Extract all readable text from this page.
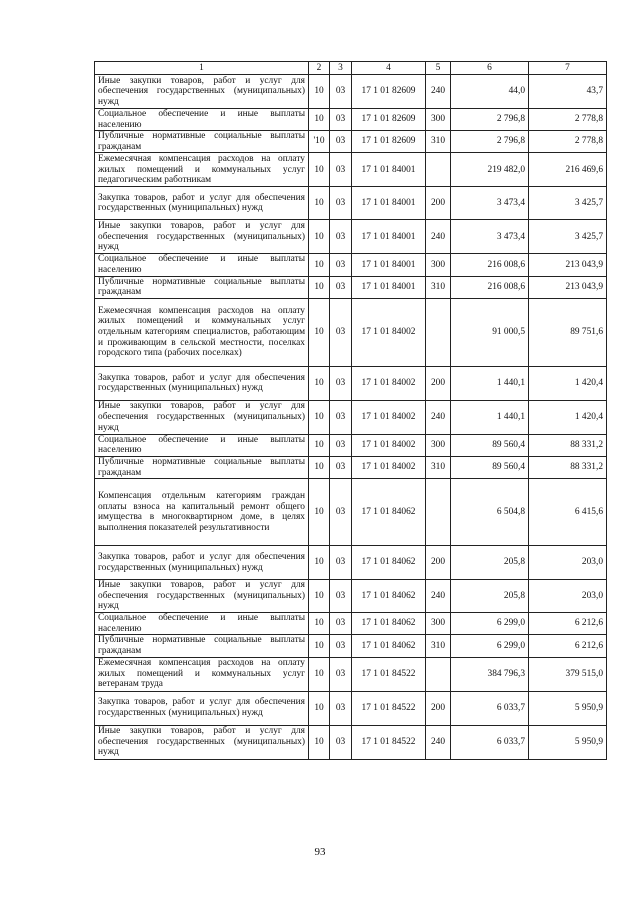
1	2	3	4	5	6	7
Иные закупки товаров, работ и услуг для обеспечения государственных (муниципальных) нужд	10	03	17 1 01 82609	240	44,0	43,7
Социальное обеспечение и иные выплаты населению	10	03	17 1 01 82609	300	2 796,8	2 778,8
Публичные нормативные социальные выплаты гражданам	'10	03	17 1 01 82609	310	2 796,8	2 778,8
Ежемесячная компенсация расходов на оплату жилых помещений и коммунальных услуг педагогическим работникам	10	03	17 1 01 84001		219 482,0	216 469,6
Закупка товаров, работ и услуг для обеспечения государственных (муниципальных) нужд	10	03	17 1 01 84001	200	3 473,4	3 425,7
Иные закупки товаров, работ и услуг для обеспечения государственных (муниципальных) нужд	10	03	17 1 01 84001	240	3 473,4	3 425,7
Социальное обеспечение и иные выплаты населению	10	03	17 1 01 84001	300	216 008,6	213 043,9
Публичные нормативные социальные выплаты гражданам	10	03	17 1 01 84001	310	216 008,6	213 043,9
Ежемесячная компенсация расходов на оплату жилых помещений и коммунальных услуг отдельным категориям специалистов, работающим и проживающим в сельской местности, поселках городского типа (рабочих поселках)	10	03	17 1 01 84002		91 000,5	89 751,6
Закупка товаров, работ и услуг для обеспечения государственных (муниципальных) нужд	10	03	17 1 01 84002	200	1 440,1	1 420,4
Иные закупки товаров, работ и услуг для обеспечения государственных (муниципальных) нужд	10	03	17 1 01 84002	240	1 440,1	1 420,4
Социальное обеспечение и иные выплаты населению	10	03	17 1 01 84002	300	89 560,4	88 331,2
Публичные нормативные социальные выплаты гражданам	10	03	17 1 01 84002	310	89 560,4	88 331,2
Компенсация отдельным категориям граждан оплаты взноса на капитальный ремонт общего имущества в многоквартирном доме, в целях выполнения показателей результативности	10	03	17 1 01 84062		6 504,8	6 415,6
Закупка товаров, работ и услуг для обеспечения государственных (муниципальных) нужд	10	03	17 1 01 84062	200	205,8	203,0
Иные закупки товаров, работ и услуг для обеспечения государственных (муниципальных) нужд	10	03	17 1 01 84062	240	205,8	203,0
Социальное обеспечение и иные выплаты населению	10	03	17 1 01 84062	300	6 299,0	6 212,6
Публичные нормативные социальные выплаты гражданам	10	03	17 1 01 84062	310	6 299,0	6 212,6
Ежемесячная компенсация расходов на оплату жилых помещений и коммунальных услуг ветеранам труда	10	03	17 1 01 84522		384 796,3	379 515,0
Закупка товаров, работ и услуг для обеспечения государственных (муниципальных) нужд	10	03	17 1 01 84522	200	6 033,7	5 950,9
Иные закупки товаров, работ и услуг для обеспечения государственных (муниципальных) нужд	10	03	17 1 01 84522	240	6 033,7	5 950,9
93
